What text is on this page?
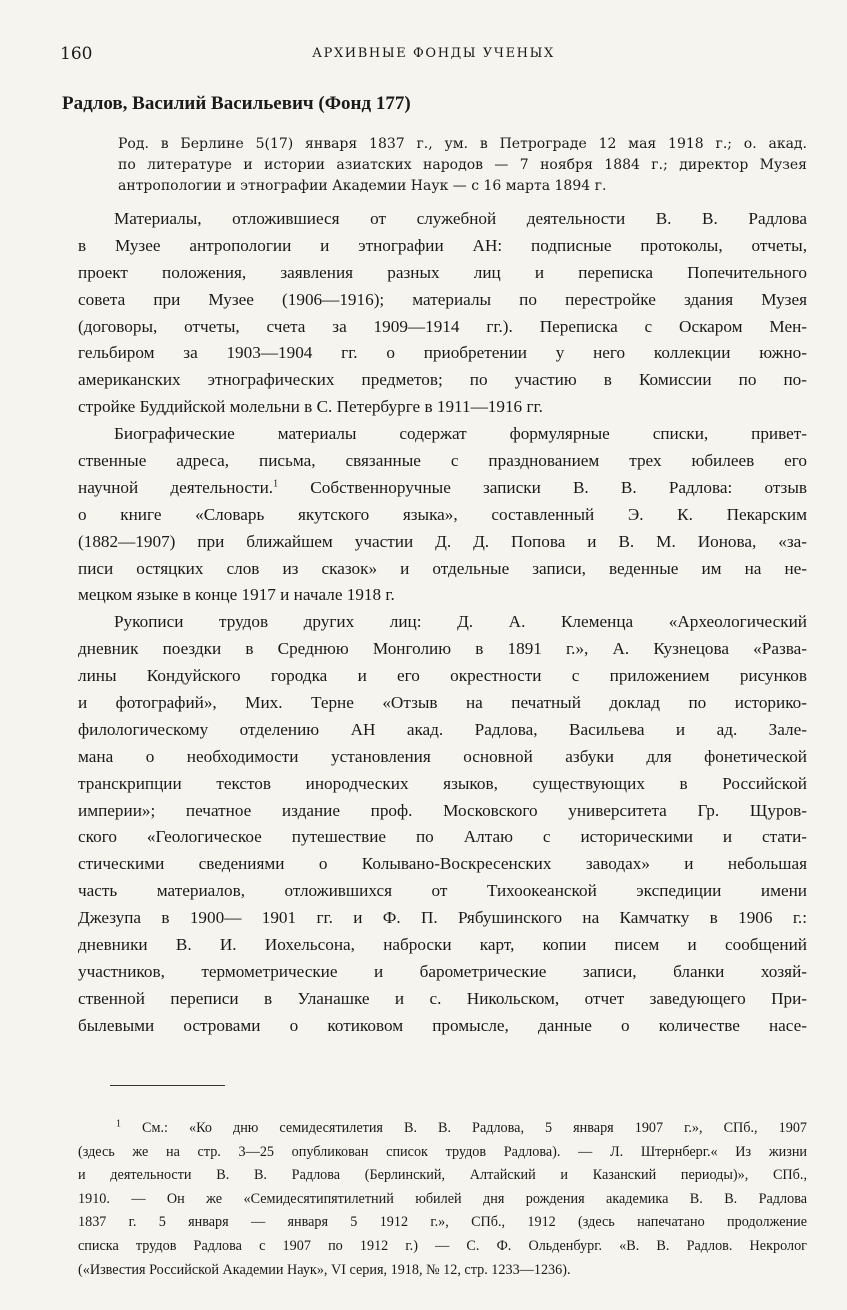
160	АРХИВНЫЕ ФОНДЫ УЧЕНЫХ
Радлов, Василий Васильевич (Фонд 177)
Род. в Берлине 5(17) января 1837 г., ум. в Петрограде 12 мая 1918 г.; о. акад.
по литературе и истории азиатских народов — 7 ноября 1884 г.; директор Музея
антропологии и этнографии Академии Наук — с 16 марта 1894 г.
Материалы, отложившиеся от служебной деятельности В. В. Радлова
в Музее антропологии и этнографии АН: подписные протоколы, отчеты,
проект положения, заявления разных лиц и переписка Попечительного
совета при Музее (1906—1916); материалы по перестройке здания Музея
(договоры, отчеты, счета за 1909—1914 гг.). Переписка с Оскаром Мен-
гельбиром за 1903—1904 гг. о приобретении у него коллекции южно-
американских этнографических предметов; по участию в Комиссии по по-
стройке Буддийской молельни в С. Петербурге в 1911—1916 гг.
Биографические материалы содержат формулярные списки, привет-
ственные адреса, письма, связанные с празднованием трех юбилеев его
научной деятельности.$^1$ Собственноручные записки В. В. Радлова: отзыв
о книге «Словарь якутского языка», составленный Э. К. Пекарским
(1882—1907) при ближайшем участии Д. Д. Попова и В. М. Ионова, «за-
писи остяцких слов из сказок» и отдельные записи, веденные им на не-
мецком языке в конце 1917 и начале 1918 г.
Рукописи трудов других лиц: Д. А. Клеменца «Археологический
дневник поездки в Среднюю Монголию в 1891 г.», А. Кузнецова «Разва-
лины Кондуйского городка и его окрестности с приложением рисунков
и фотографий», Мих. Терне «Отзыв на печатный доклад по историко-
филологическому отделению АН акад. Радлова, Васильева и ад. Зале-
мана о необходимости установления основной азбуки для фонетической
транскрипции текстов инородческих языков, существующих в Российской
империи»; печатное издание проф. Московского университета Гр. Щуров-
ского «Геологическое путешествие по Алтаю с историческими и стати-
стическими сведениями о Колывано-Воскресенских заводах» и небольшая
часть материалов, отложившихся от Тихоокеанской экспедиции имени
Джезупа в 1900— 1901 гг. и Ф. П. Рябушинского на Камчатку в 1906 г.:
дневники В. И. Иохельсона, наброски карт, копии писем и сообщений
участников, термометрические и барометрические записи, бланки хозяй-
ственной переписи в Уланашке и с. Никольском, отчет заведующего При-
былевыми островами о котиковом промысле, данные о количестве насе-
$^1$ См.: «Ко дню семидесятилетия В. В. Радлова, 5 января 1907 г.», СПб., 1907
(здесь же на стр. 3—25 опубликован список трудов Радлова). — Л. Штернберг.« Из жизни
и деятельности В. В. Радлова (Берлинский, Алтайский и Казанский периоды)», СПб.,
1910. — Он же «Семидесятипятилетний юбилей дня рождения академика В. В. Радлова
1837 г. 5 января — января 5 1912 г.», СПб., 1912 (здесь напечатано продолжение
списка трудов Радлова с 1907 по 1912 г.) — С. Ф. Ольденбург. «В. В. Радлов. Некролог
(«Известия Российской Академии Наук», VI серия, 1918, № 12, стр. 1233—1236).
